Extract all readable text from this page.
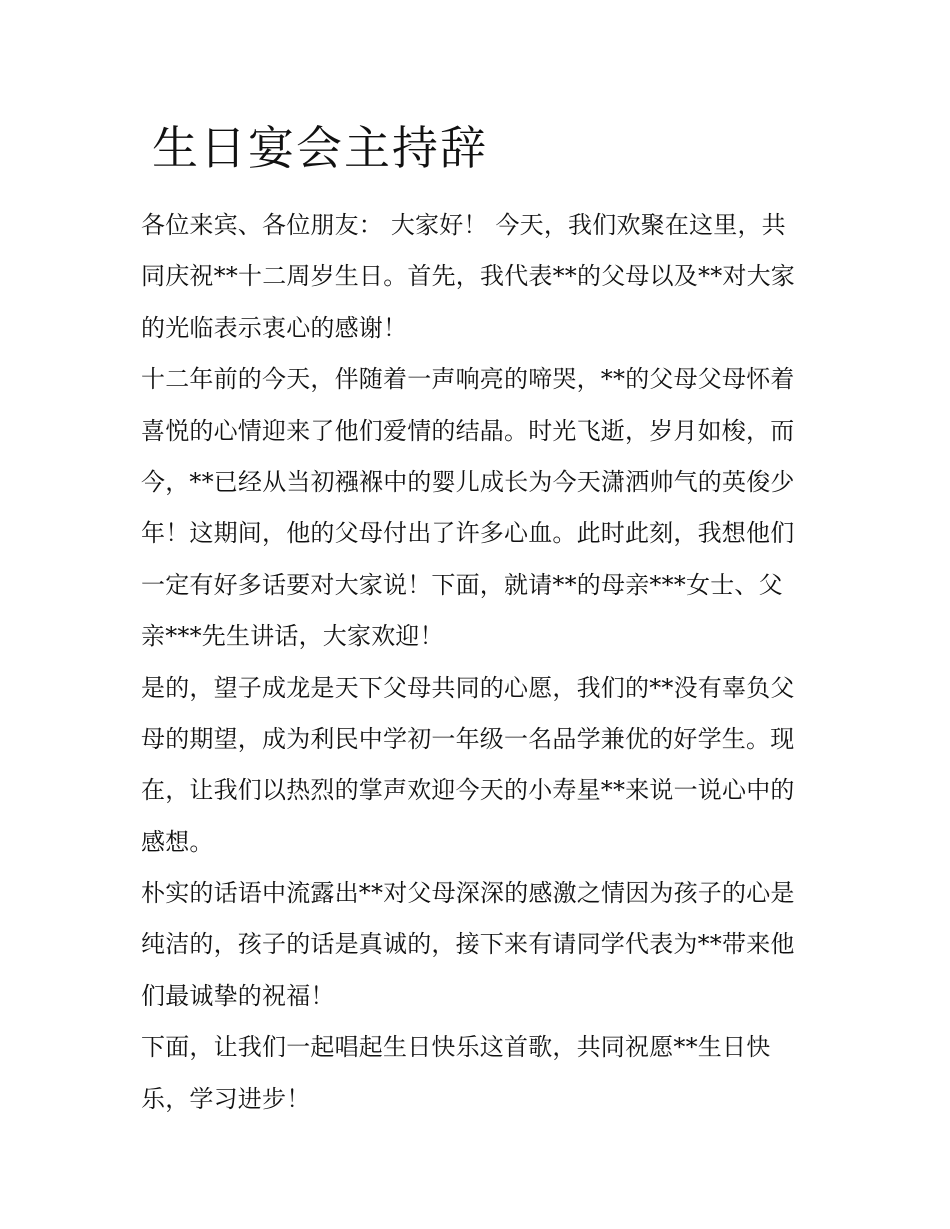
生日宴会主持辞
各位来宾、各位朋友： 大家好！ 今天，我们欢聚在这里，共
同庆祝**十二周岁生日。首先，我代表**的父母以及**对大家
的光临表示衷心的感谢！
十二年前的今天，伴随着一声响亮的啼哭，**的父母父母怀着
喜悦的心情迎来了他们爱情的结晶。时光飞逝，岁月如梭，而
今，**已经从当初襁褓中的婴儿成长为今天潇洒帅气的英俊少
年！这期间，他的父母付出了许多心血。此时此刻，我想他们
一定有好多话要对大家说！下面，就请**的母亲***女士、父
亲***先生讲话，大家欢迎！
是的，望子成龙是天下父母共同的心愿，我们的**没有辜负父
母的期望，成为利民中学初一年级一名品学兼优的好学生。现
在，让我们以热烈的掌声欢迎今天的小寿星**来说一说心中的
感想。
朴实的话语中流露出**对父母深深的感激之情因为孩子的心是
纯洁的，孩子的话是真诚的，接下来有请同学代表为**带来他
们最诚挚的祝福！
下面，让我们一起唱起生日快乐这首歌，共同祝愿**生日快
乐，学习进步！
